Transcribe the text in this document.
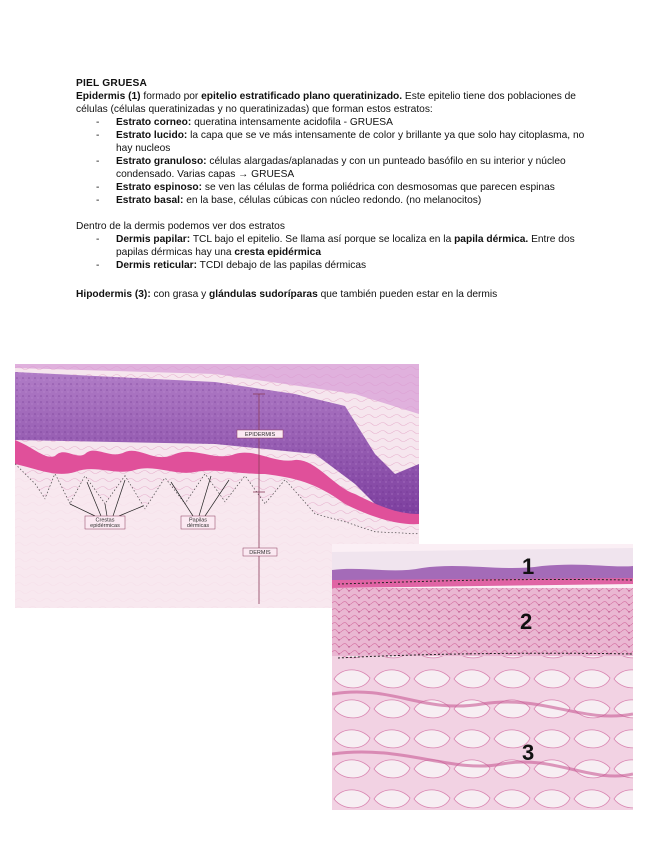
PIEL GRUESA

Epidermis (1) formado por epitelio estratificado plano queratinizado. Este epitelio tiene dos poblaciones de células (células queratinizadas y no queratinizadas) que forman estos estratos:

- Estrato corneo: queratina intensamente acidofila - GRUESA
- Estrato lucido: la capa que se ve más intensamente de color y brillante ya que solo hay citoplasma, no hay nucleos
- Estrato granuloso: células alargadas/aplanadas y con un punteado basófilo en su interior y núcleo condensado. Varias capas → GRUESA
- Estrato espinoso: se ven las células de forma poliédrica con desmosomas que parecen espinas
- Estrato basal: en la base, células cúbicas con núcleo redondo. (no melanocitos)

Dentro de la dermis podemos ver dos estratos

- Dermis papilar: TCL bajo el epitelio. Se llama así porque se localiza en la papila dérmica. Entre dos papilas dérmicas hay una cresta epidérmica
- Dermis reticular: TCDI debajo de las papilas dérmicas

Hipodermis (3): con grasa y glándulas sudoríparas que también pueden estar en la dermis

EPIDERMIS
DERMIS
Crestas
epidérmicas
Papilas
dérmicas
1
2
3
